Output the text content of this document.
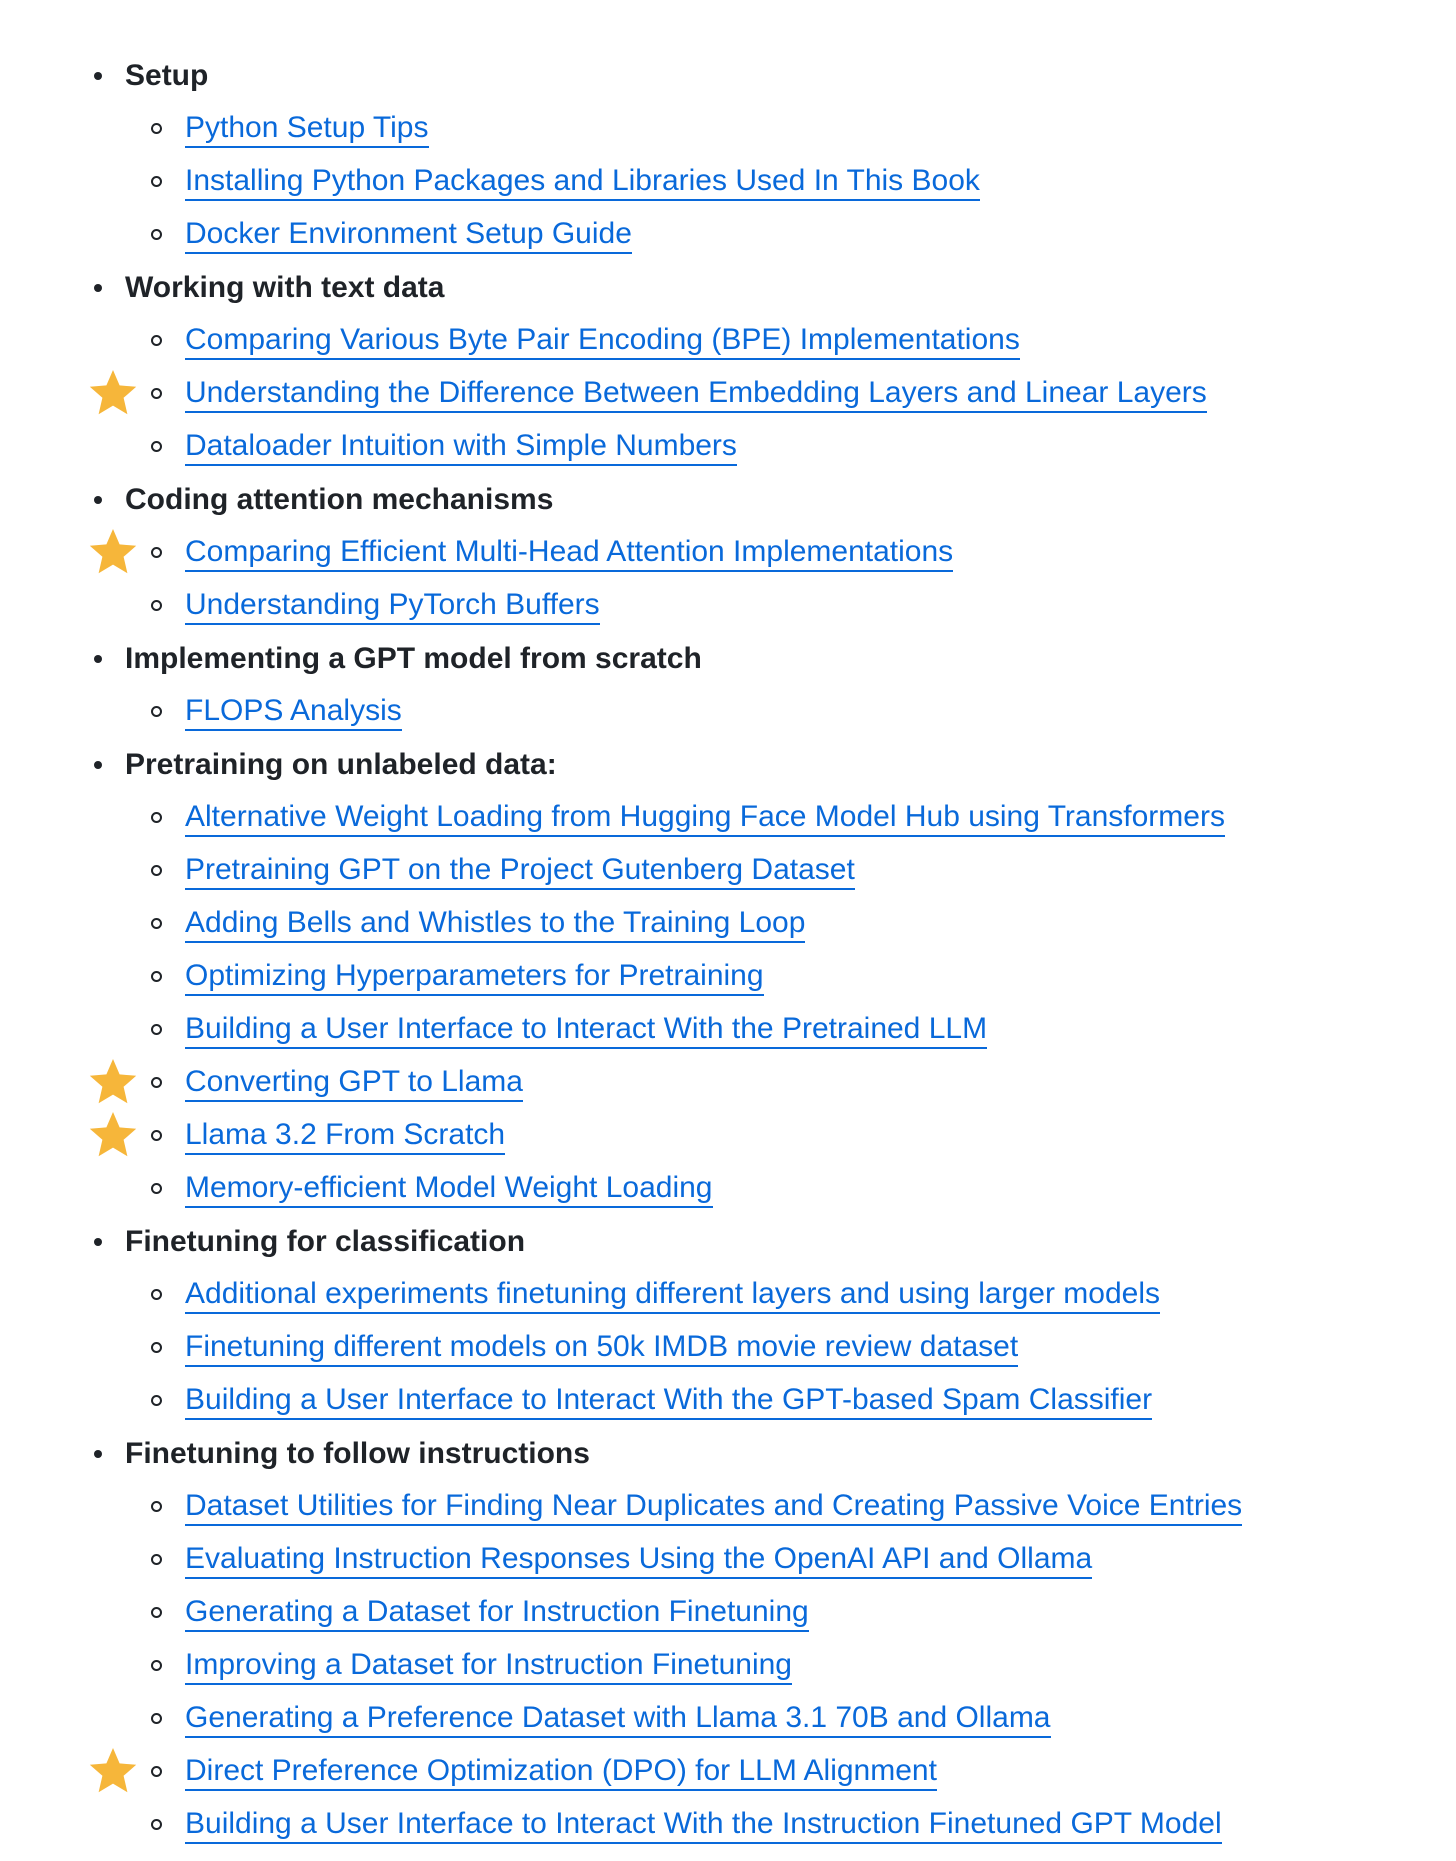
Setup
Python Setup Tips
Installing Python Packages and Libraries Used In This Book
Docker Environment Setup Guide
Working with text data
Comparing Various Byte Pair Encoding (BPE) Implementations
Understanding the Difference Between Embedding Layers and Linear Layers
Dataloader Intuition with Simple Numbers
Coding attention mechanisms
Comparing Efficient Multi-Head Attention Implementations
Understanding PyTorch Buffers
Implementing a GPT model from scratch
FLOPS Analysis
Pretraining on unlabeled data:
Alternative Weight Loading from Hugging Face Model Hub using Transformers
Pretraining GPT on the Project Gutenberg Dataset
Adding Bells and Whistles to the Training Loop
Optimizing Hyperparameters for Pretraining
Building a User Interface to Interact With the Pretrained LLM
Converting GPT to Llama
Llama 3.2 From Scratch
Memory-efficient Model Weight Loading
Finetuning for classification
Additional experiments finetuning different layers and using larger models
Finetuning different models on 50k IMDB movie review dataset
Building a User Interface to Interact With the GPT-based Spam Classifier
Finetuning to follow instructions
Dataset Utilities for Finding Near Duplicates and Creating Passive Voice Entries
Evaluating Instruction Responses Using the OpenAI API and Ollama
Generating a Dataset for Instruction Finetuning
Improving a Dataset for Instruction Finetuning
Generating a Preference Dataset with Llama 3.1 70B and Ollama
Direct Preference Optimization (DPO) for LLM Alignment
Building a User Interface to Interact With the Instruction Finetuned GPT Model
